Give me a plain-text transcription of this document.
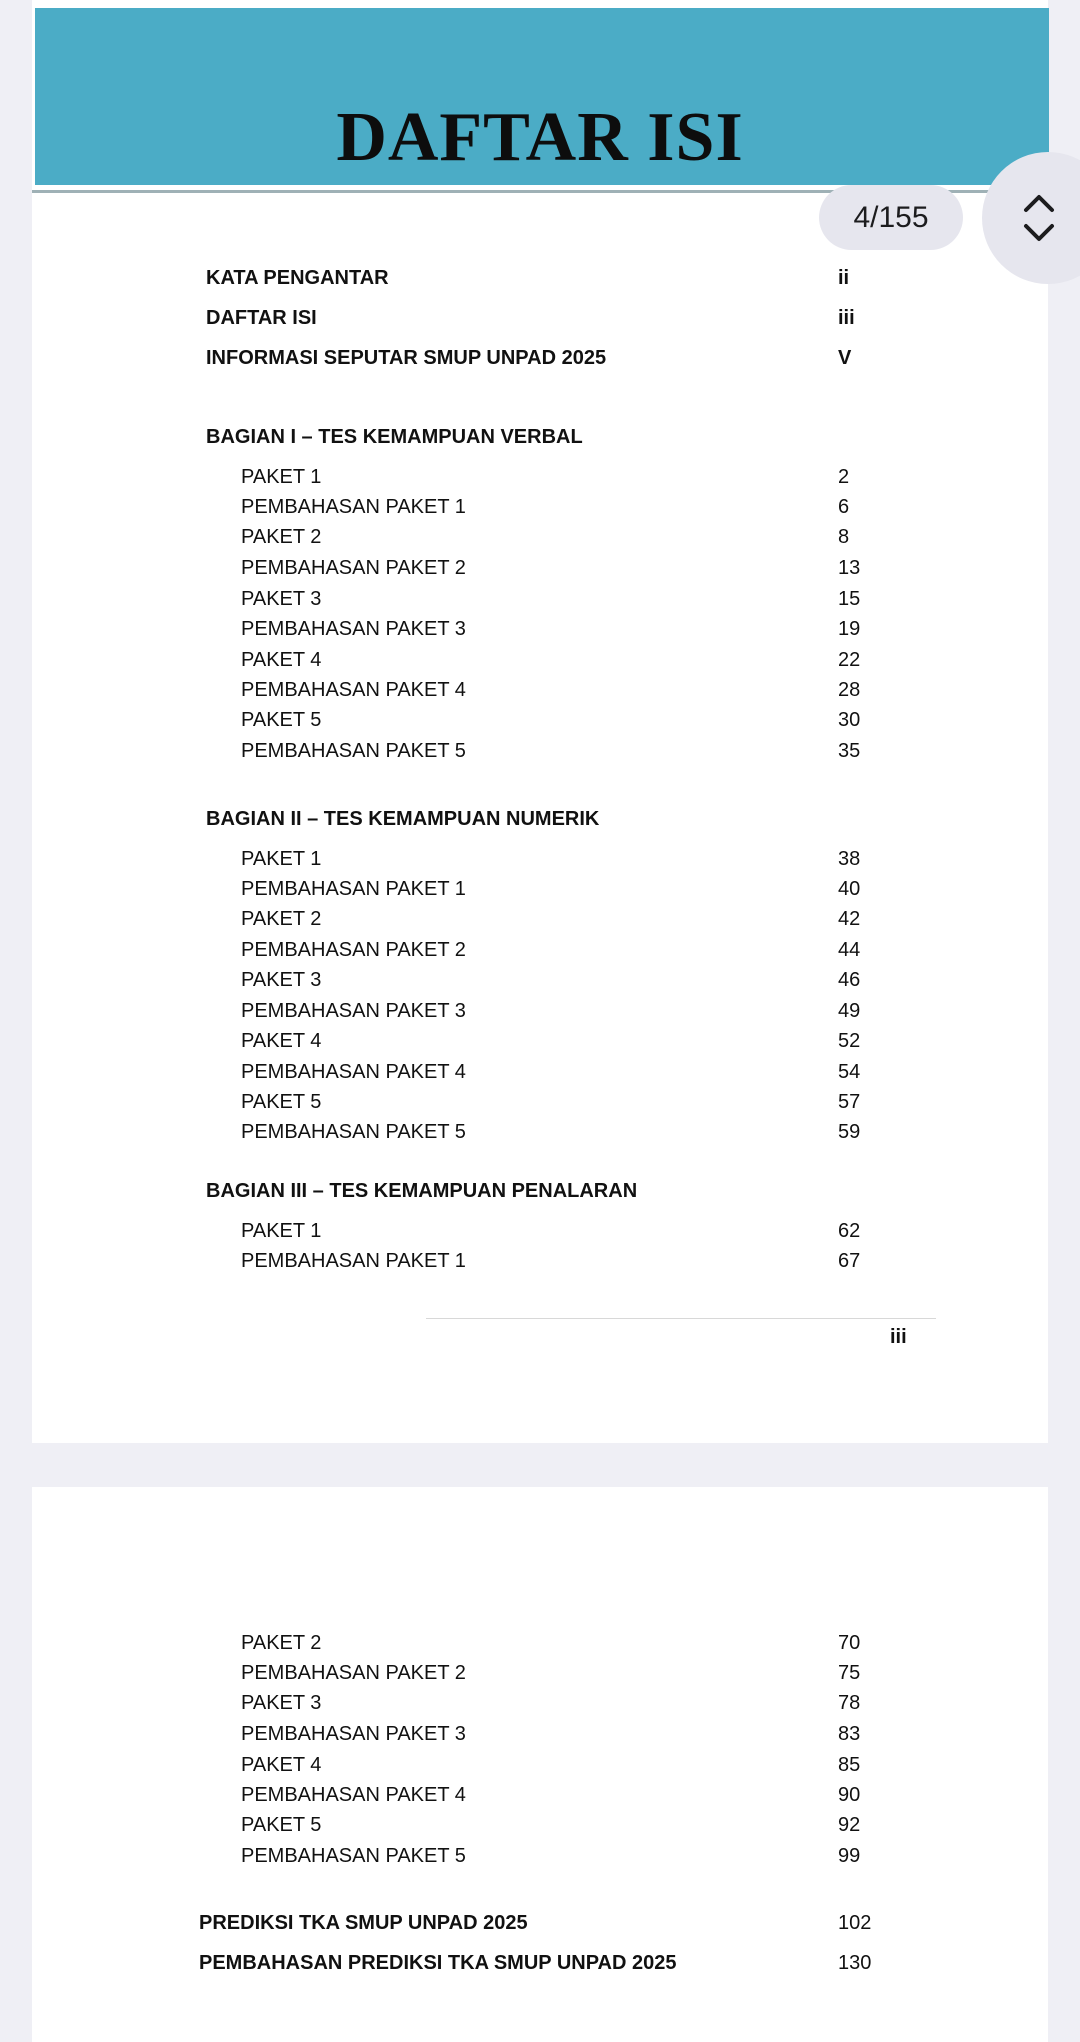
DAFTAR ISI
KATA PENGANTAR	ii
DAFTAR ISI	iii
INFORMASI SEPUTAR SMUP UNPAD 2025	V
BAGIAN I – TES KEMAMPUAN VERBAL
PAKET 1	2
PEMBAHASAN PAKET 1	6
PAKET 2	8
PEMBAHASAN PAKET 2	13
PAKET 3	15
PEMBAHASAN PAKET 3	19
PAKET 4	22
PEMBAHASAN PAKET 4	28
PAKET 5	30
PEMBAHASAN PAKET 5	35
BAGIAN II – TES KEMAMPUAN NUMERIK
PAKET 1	38
PEMBAHASAN PAKET 1	40
PAKET 2	42
PEMBAHASAN PAKET 2	44
PAKET 3	46
PEMBAHASAN PAKET 3	49
PAKET 4	52
PEMBAHASAN PAKET 4	54
PAKET 5	57
PEMBAHASAN PAKET 5	59
BAGIAN III – TES KEMAMPUAN PENALARAN
PAKET 1	62
PEMBAHASAN PAKET 1	67
iii
PAKET 2	70
PEMBAHASAN PAKET 2	75
PAKET 3	78
PEMBAHASAN PAKET 3	83
PAKET 4	85
PEMBAHASAN PAKET 4	90
PAKET 5	92
PEMBAHASAN PAKET 5	99
PREDIKSI TKA SMUP UNPAD 2025	102
PEMBAHASAN PREDIKSI TKA SMUP UNPAD 2025	130
4/155
